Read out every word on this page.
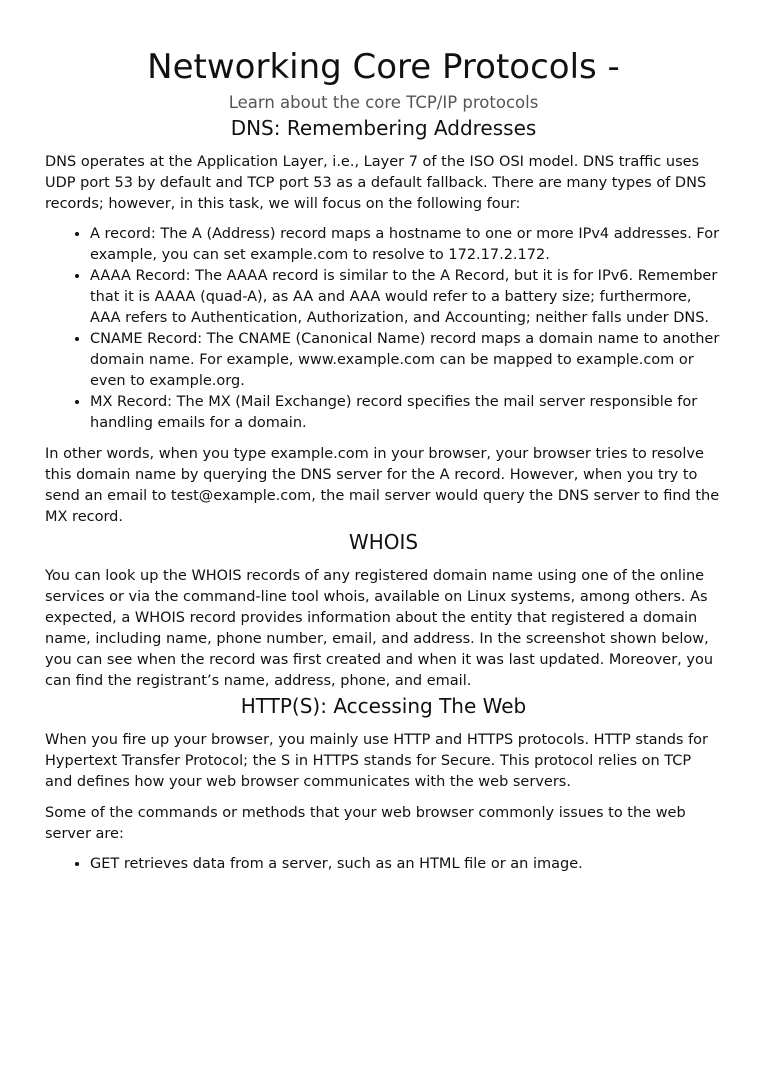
Networking Core Protocols -
Learn about the core TCP/IP protocols
DNS: Remembering Addresses

DNS operates at the Application Layer, i.e., Layer 7 of the ISO OSI model. DNS traffic uses UDP port 53 by default and TCP port 53 as a default fallback. There are many types of DNS records; however, in this task, we will focus on the following four:

• A record: The A (Address) record maps a hostname to one or more IPv4 addresses. For example, you can set example.com to resolve to 172.17.2.172.
• AAAA Record: The AAAA record is similar to the A Record, but it is for IPv6. Remember that it is AAAA (quad-A), as AA and AAA would refer to a battery size; furthermore, AAA refers to Authentication, Authorization, and Accounting; neither falls under DNS.
• CNAME Record: The CNAME (Canonical Name) record maps a domain name to another domain name. For example, www.example.com can be mapped to example.com or even to example.org.
• MX Record: The MX (Mail Exchange) record specifies the mail server responsible for handling emails for a domain.

In other words, when you type example.com in your browser, your browser tries to resolve this domain name by querying the DNS server for the A record. However, when you try to send an email to test@example.com, the mail server would query the DNS server to find the MX record.

WHOIS

You can look up the WHOIS records of any registered domain name using one of the online services or via the command-line tool whois, available on Linux systems, among others. As expected, a WHOIS record provides information about the entity that registered a domain name, including name, phone number, email, and address. In the screenshot shown below, you can see when the record was first created and when it was last updated. Moreover, you can find the registrant’s name, address, phone, and email.

HTTP(S): Accessing The Web

When you fire up your browser, you mainly use HTTP and HTTPS protocols. HTTP stands for Hypertext Transfer Protocol; the S in HTTPS stands for Secure. This protocol relies on TCP and defines how your web browser communicates with the web servers.

Some of the commands or methods that your web browser commonly issues to the web server are:

• GET retrieves data from a server, such as an HTML file or an image.
